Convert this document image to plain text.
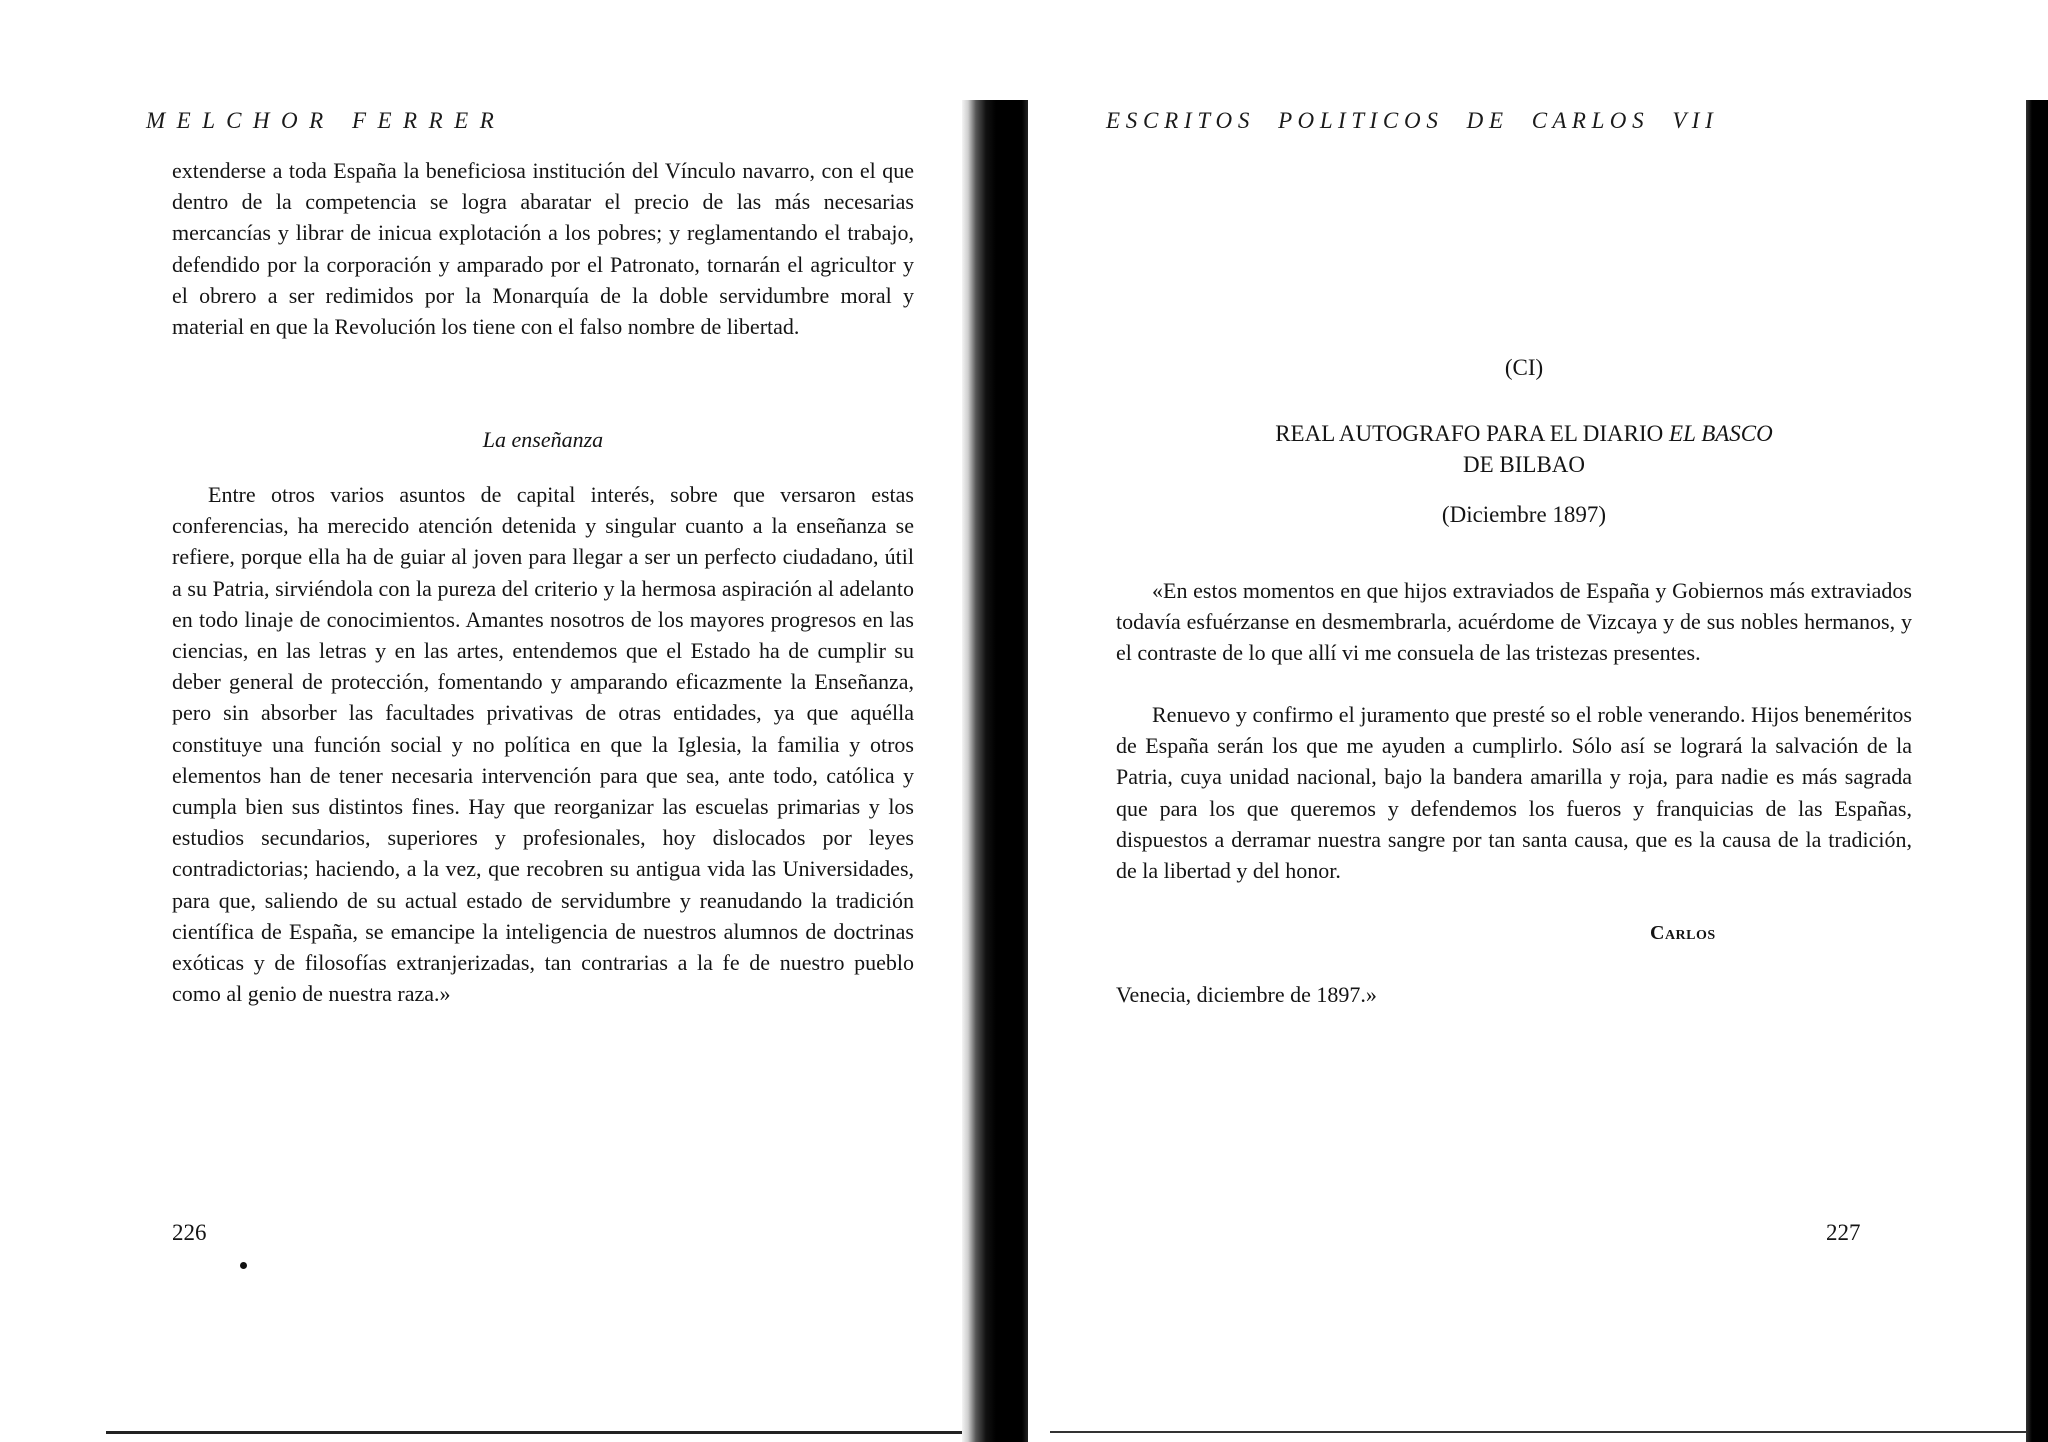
M  E  L  C  H  O  R     F  E  R  R  E  R

extenderse a toda España la beneficiosa institución del Vínculo navarro, con el que dentro de la competencia se logra abaratar el precio de las más necesarias mercancías y librar de inicua explotación a los pobres; y reglamentando el trabajo, defendido por la corporación y amparado por el Patronato, tornarán el agricultor y el obrero a ser redimidos por la Monarquía de la doble servidumbre moral y material en que la Revolución los tiene con el falso nombre de libertad.

La enseñanza

Entre otros varios asuntos de capital interés, sobre que versaron estas conferencias, ha merecido atención detenida y singular cuanto a la enseñanza se refiere, porque ella ha de guiar al joven para llegar a ser un perfecto ciudadano, útil a su Patria, sirviéndola con la pureza del criterio y la hermosa aspiración al adelanto en todo linaje de conocimientos. Amantes nosotros de los mayores progresos en las ciencias, en las letras y en las artes, entendemos que el Estado ha de cumplir su deber general de protección, fomentando y amparando eficazmente la Enseñanza, pero sin absorber las facultades privativas de otras entidades, ya que aquélla constituye una función social y no política en que la Iglesia, la familia y otros elementos han de tener necesaria intervención para que sea, ante todo, católica y cumpla bien sus distintos fines. Hay que reorganizar las escuelas primarias y los estudios secundarios, superiores y profesionales, hoy dislocados por leyes contradictorias; haciendo, a la vez, que recobren su antigua vida las Universidades, para que, saliendo de su actual estado de servidumbre y reanudando la tradición científica de España, se emancipe la inteligencia de nuestros alumnos de doctrinas exóticas y de filosofías extranjerizadas, tan contrarias a la fe de nuestro pueblo como al genio de nuestra raza.»

226
E S C R I T O S     P O L I T I C O S     D E     C A R L O S     V I I
(CI)
REAL AUTOGRAFO PARA EL DIARIO EL BASCO
DE BILBAO
(Diciembre 1897)

«En estos momentos en que hijos extraviados de España y Gobiernos más extraviados todavía esfuérzanse en desmembrarla, acuérdome de Vizcaya y de sus nobles hermanos, y el contraste de lo que allí vi me consuela de las tristezas presentes.

Renuevo y confirmo el juramento que presté so el roble venerando. Hijos beneméritos de España serán los que me ayuden a cumplirlo. Sólo así se logrará la salvación de la Patria, cuya unidad nacional, bajo la bandera amarilla y roja, para nadie es más sagrada que para los que queremos y defendemos los fueros y franquicias de las Españas, dispuestos a derramar nuestra sangre por tan santa causa, que es la causa de la tradición, de la libertad y del honor.

Carlos
Venecia, diciembre de 1897.»
227
